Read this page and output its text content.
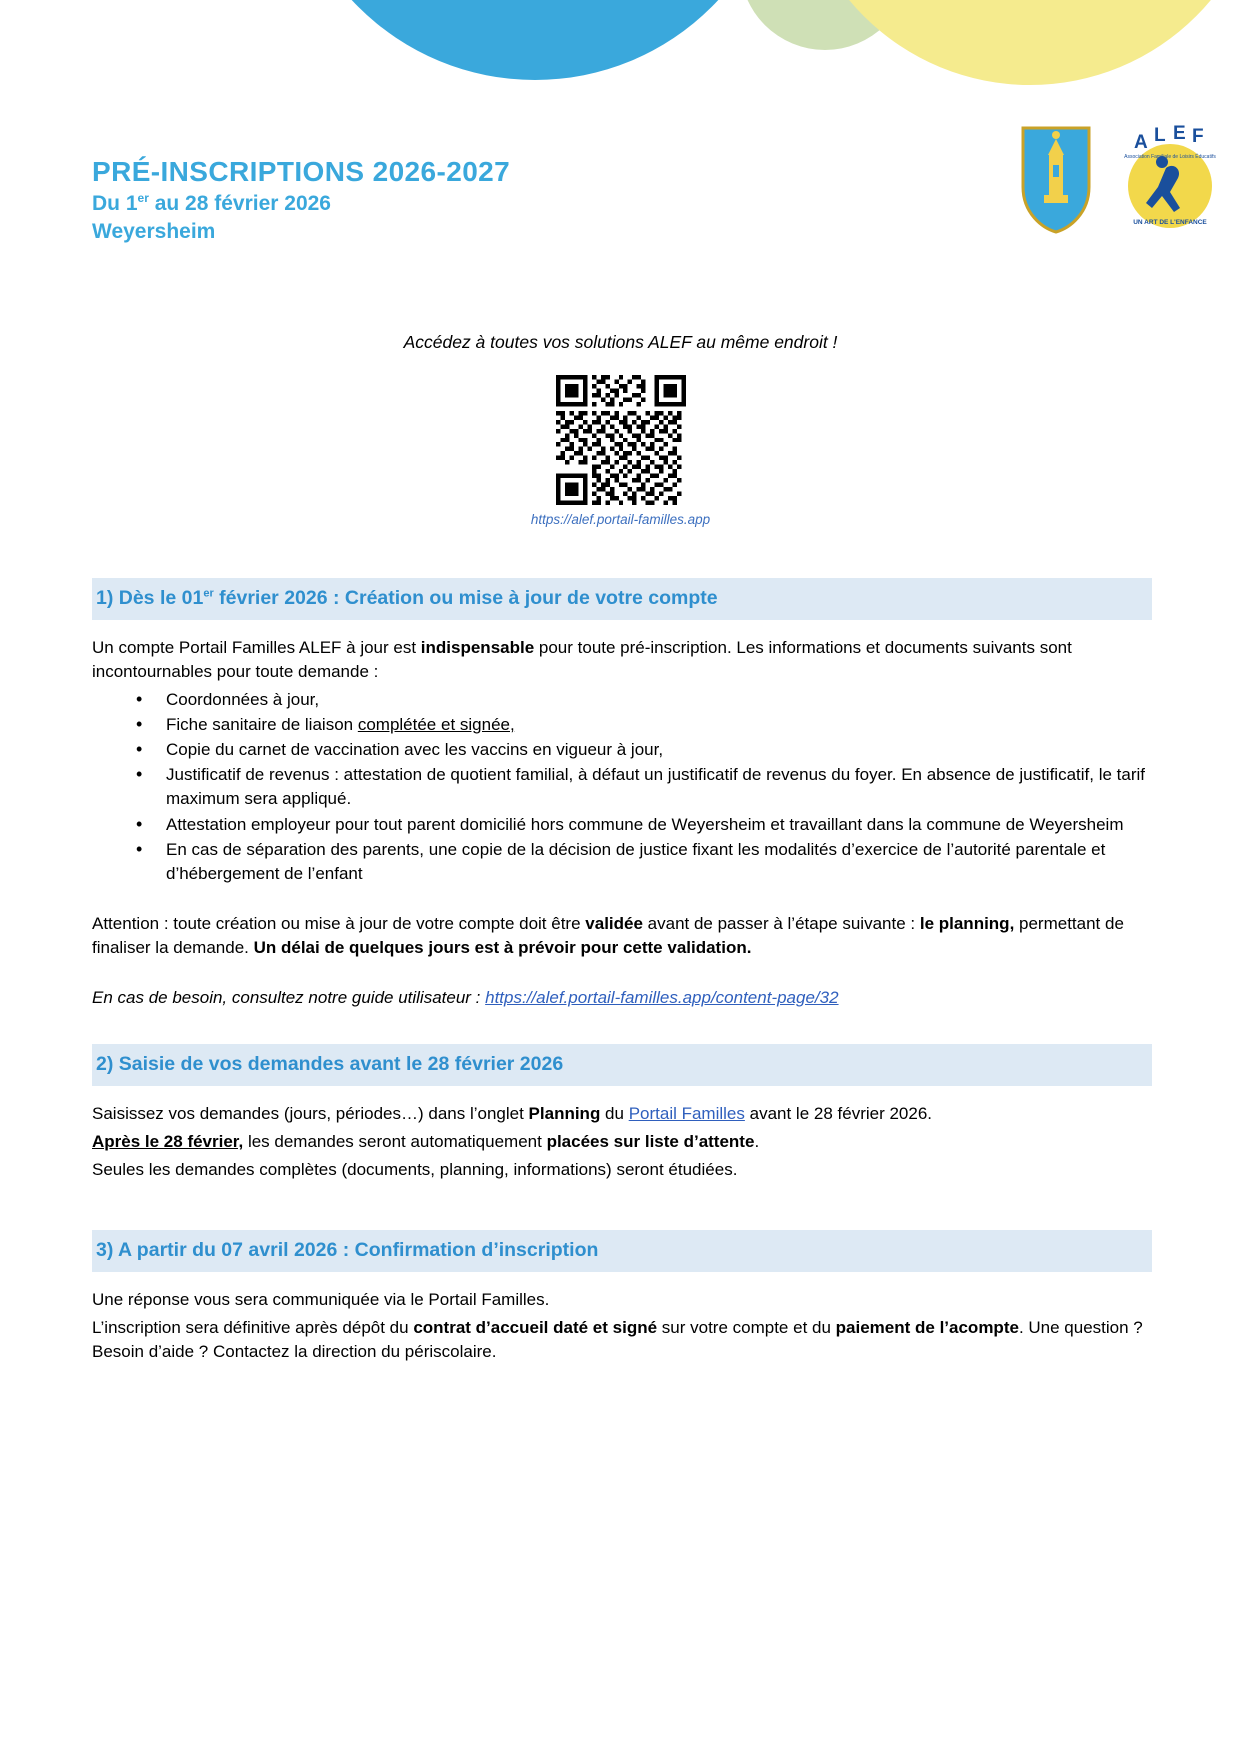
PRÉ-INSCRIPTIONS 2026-2027
Du 1er au 28 février 2026
Weyersheim
A L E F
UN ART DE L'ENFANCE
Association Familiale de Loisirs Éducatifs
Accédez à toutes vos solutions ALEF au même endroit !
https://alef.portail-familles.app
1) Dès le 01er février 2026 : Création ou mise à jour de votre compte

Un compte Portail Familles ALEF à jour est indispensable pour toute pré-inscription. Les informations et documents suivants sont incontournables pour toute demande :

• Coordonnées à jour,
• Fiche sanitaire de liaison complétée et signée,
• Copie du carnet de vaccination avec les vaccins en vigueur à jour,
• Justificatif de revenus : attestation de quotient familial, à défaut un justificatif de revenus du foyer. En absence de justificatif, le tarif maximum sera appliqué.
• Attestation employeur pour tout parent domicilié hors commune de Weyersheim et travaillant dans la commune de Weyersheim
• En cas de séparation des parents, une copie de la décision de justice fixant les modalités d’exercice de l’autorité parentale et d’hébergement de l’enfant

Attention : toute création ou mise à jour de votre compte doit être validée avant de passer à l’étape suivante : le planning, permettant de finaliser la demande. Un délai de quelques jours est à prévoir pour cette validation.

En cas de besoin, consultez notre guide utilisateur : https://alef.portail-familles.app/content-page/32

2) Saisie de vos demandes avant le 28 février 2026

Saisissez vos demandes (jours, périodes…) dans l’onglet Planning du Portail Familles avant le 28 février 2026.

Après le 28 février, les demandes seront automatiquement placées sur liste d’attente.

Seules les demandes complètes (documents, planning, informations) seront étudiées.

3) A partir du 07 avril 2026 : Confirmation d’inscription

Une réponse vous sera communiquée via le Portail Familles.

L’inscription sera définitive après dépôt du contrat d’accueil daté et signé sur votre compte et du paiement de l’acompte. Une question ? Besoin d’aide ? Contactez la direction du périscolaire.
